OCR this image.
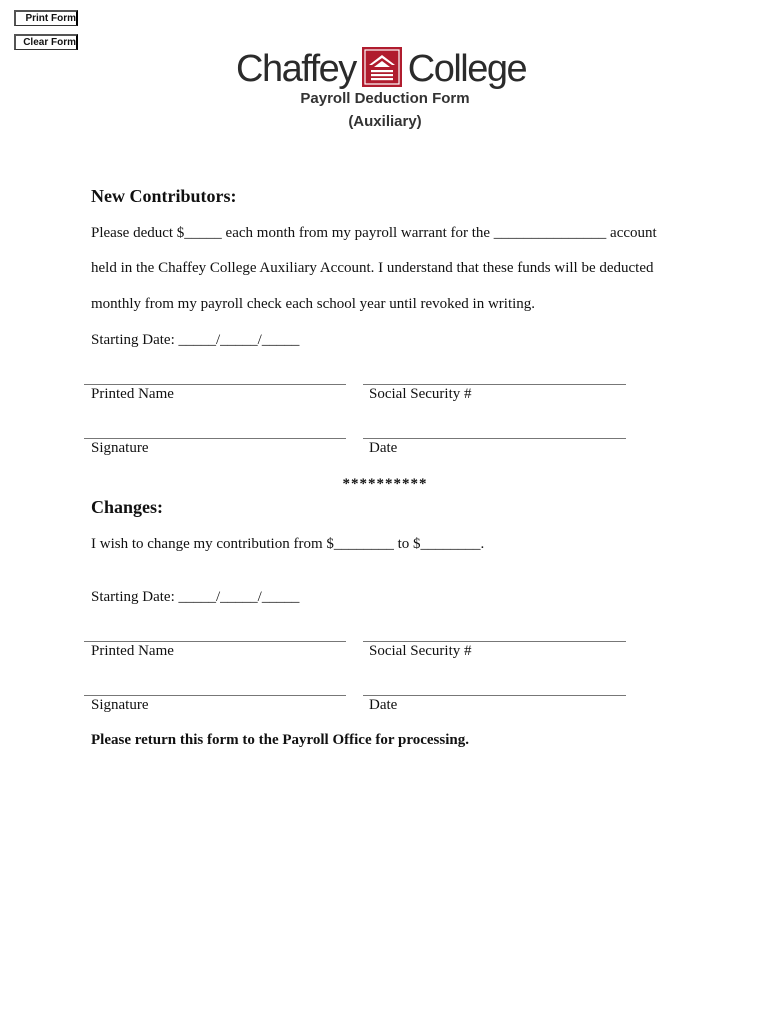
Print Form
Clear Form
Chaffey College
Payroll Deduction Form
(Auxiliary)
New Contributors:
Please deduct $_____ each month from my payroll warrant for the _______________ account
held in the Chaffey College Auxiliary Account. I understand that these funds will be deducted
monthly from my payroll check each school year until revoked in writing.
Starting Date: _____/_____/_____
Printed Name	Social Security #
Signature	Date
**********
Changes:
I wish to change my contribution from $________ to $________.
Starting Date: _____/_____/_____
Printed Name	Social Security #
Signature	Date
Please return this form to the Payroll Office for processing.
